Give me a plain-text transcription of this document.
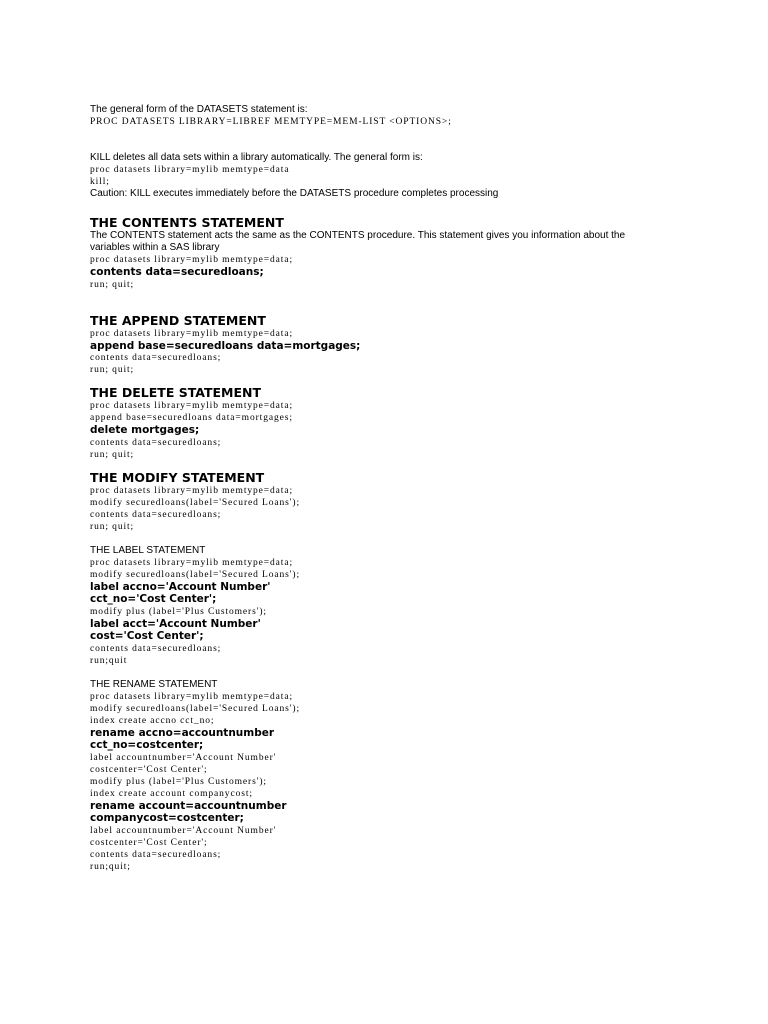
The general form of the DATASETS statement is:
PROC DATASETS LIBRARY=LIBREF MEMTYPE=MEM-LIST <OPTIONS>;
KILL deletes all data sets within a library automatically. The general form is:
proc datasets library=mylib memtype=data
kill;
Caution: KILL executes immediately before the DATASETS procedure completes processing
THE CONTENTS STATEMENT
The CONTENTS statement acts the same as the CONTENTS procedure. This statement gives you information about the variables within a SAS library
proc datasets library=mylib memtype=data;
contents data=securedloans;
run; quit;
THE APPEND STATEMENT
proc datasets library=mylib memtype=data;
append base=securedloans data=mortgages;
contents data=securedloans;
run; quit;
THE DELETE STATEMENT
proc datasets library=mylib memtype=data;
append base=securedloans data=mortgages;
delete mortgages;
contents data=securedloans;
run; quit;
THE MODIFY STATEMENT
proc datasets library=mylib memtype=data;
modify securedloans(label='Secured Loans');
contents data=securedloans;
run; quit;
THE LABEL STATEMENT
proc datasets library=mylib memtype=data;
modify securedloans(label='Secured Loans');
label accno='Account Number'
cct_no='Cost Center';
modify plus (label='Plus Customers');
label acct='Account Number'
cost='Cost Center';
contents data=securedloans;
run;quit
THE RENAME STATEMENT
proc datasets library=mylib memtype=data;
modify securedloans(label='Secured Loans');
index create accno cct_no;
rename accno=accountnumber
cct_no=costcenter;
label accountnumber='Account Number'
costcenter='Cost Center';
modify plus (label='Plus Customers');
index create account companycost;
rename account=accountnumber
companycost=costcenter;
label accountnumber='Account Number'
costcenter='Cost Center';
contents data=securedloans;
run;quit;
